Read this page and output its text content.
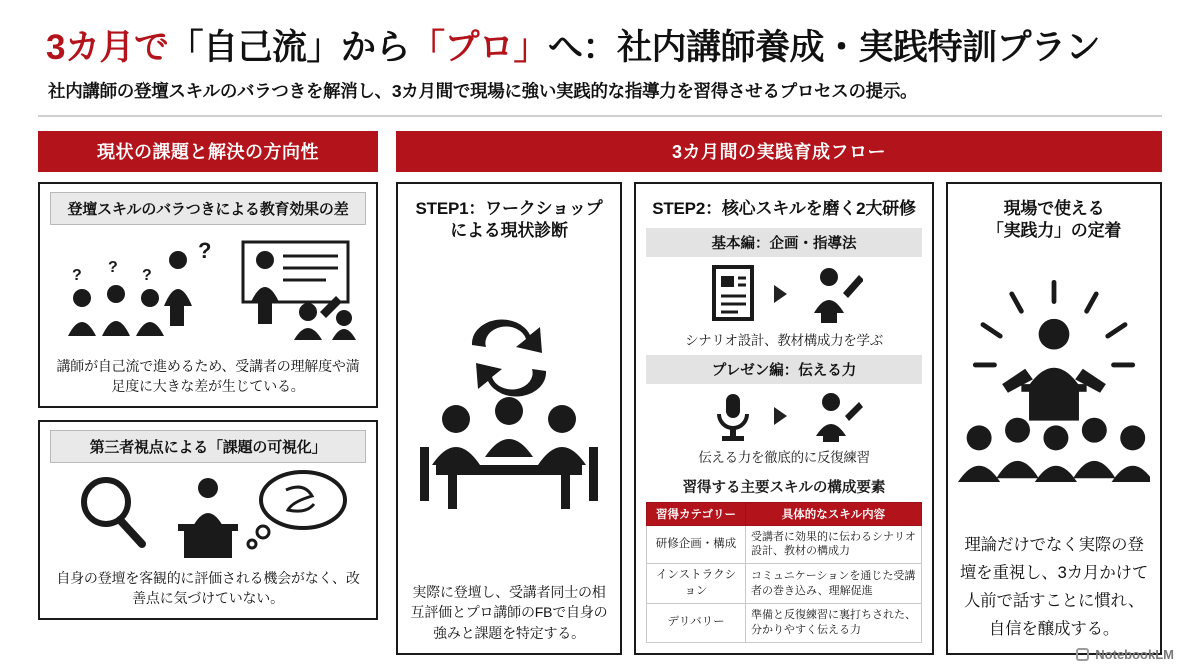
3カ月で「自己流」から「プロ」へ：社内講師養成・実践特訓プラン
社内講師の登壇スキルのバラつきを解消し、3カ月間で現場に強い実践的な指導力を習得させるプロセスの提示。
現状の課題と解決の方向性	3カ月間の実践育成フロー
登壇スキルのバラつきによる教育効果の差
?
? ? ?
講師が自己流で進めるため、受講者の理解度や満足度に大きな差が生じている。
第三者視点による「課題の可視化」
自身の登壇を客観的に評価される機会がなく、改善点に気づけていない。
STEP1：ワークショップによる現状診断
実際に登壇し、受講者同士の相互評価とプロ講師のFBで自身の強みと課題を特定する。
STEP2：核心スキルを磨く2大研修
基本編：企画・指導法
シナリオ設計、教材構成力を学ぶ
プレゼン編：伝える力
伝える力を徹底的に反復練習
習得する主要スキルの構成要素
習得カテゴリー	具体的なスキル内容
研修企画・構成	受講者に効果的に伝わるシナリオ設計、教材の構成力
インストラクション	コミュニケーションを通じた受講者の巻き込み、理解促進
デリバリー	準備と反復練習に裏打ちされた、分かりやすく伝える力
現場で使える
「実践力」の定着
理論だけでなく実際の登壇を重視し、3カ月かけて人前で話すことに慣れ、自信を醸成する。
NotebookLM
